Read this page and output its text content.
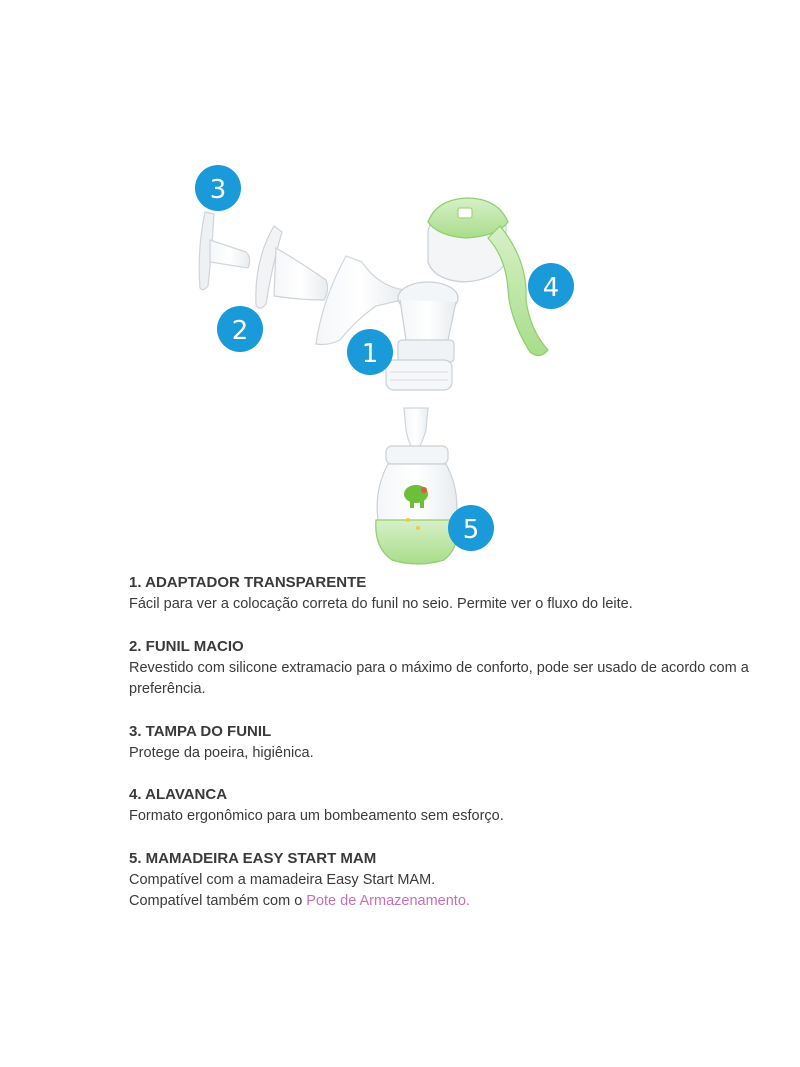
3
2
1
4
5
1. ADAPTADOR TRANSPARENTE

Fácil para ver a colocação correta do funil no seio. Permite ver o fluxo do leite.

2. FUNIL MACIO

Revestido com silicone extramacio para o máximo de conforto, pode ser usado de acordo com a preferência.

3. TAMPA DO FUNIL

Protege da poeira, higiênica.

4. ALAVANCA

Formato ergonômico para um bombeamento sem esforço.

5. MAMADEIRA EASY START MAM

Compatível com a mamadeira Easy Start MAM.

Compatível também com o Pote de Armazenamento.
